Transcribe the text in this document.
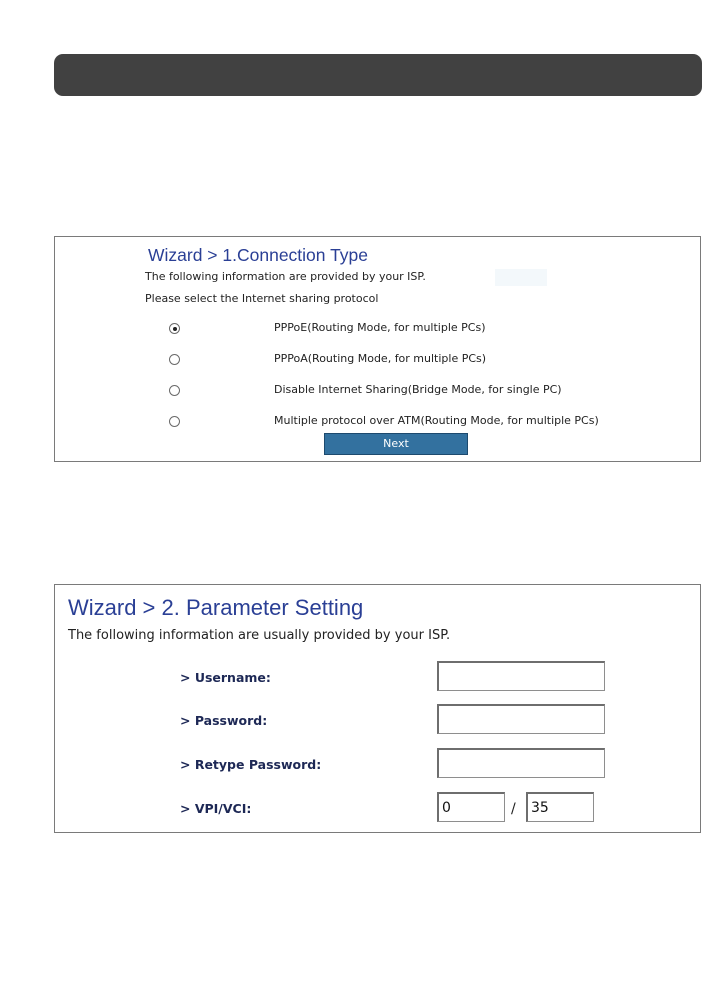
Wizard > 1.Connection Type
The following information are provided by your ISP.
Please select the Internet sharing protocol
PPPoE(Routing Mode, for multiple PCs)
PPPoA(Routing Mode, for multiple PCs)
Disable Internet Sharing(Bridge Mode, for single PC)
Multiple protocol over ATM(Routing Mode, for multiple PCs)
Next
Wizard > 2. Parameter Setting
The following information are usually provided by your ISP.
> Username:
> Password:
> Retype Password:
> VPI/VCI:
0	/
35
